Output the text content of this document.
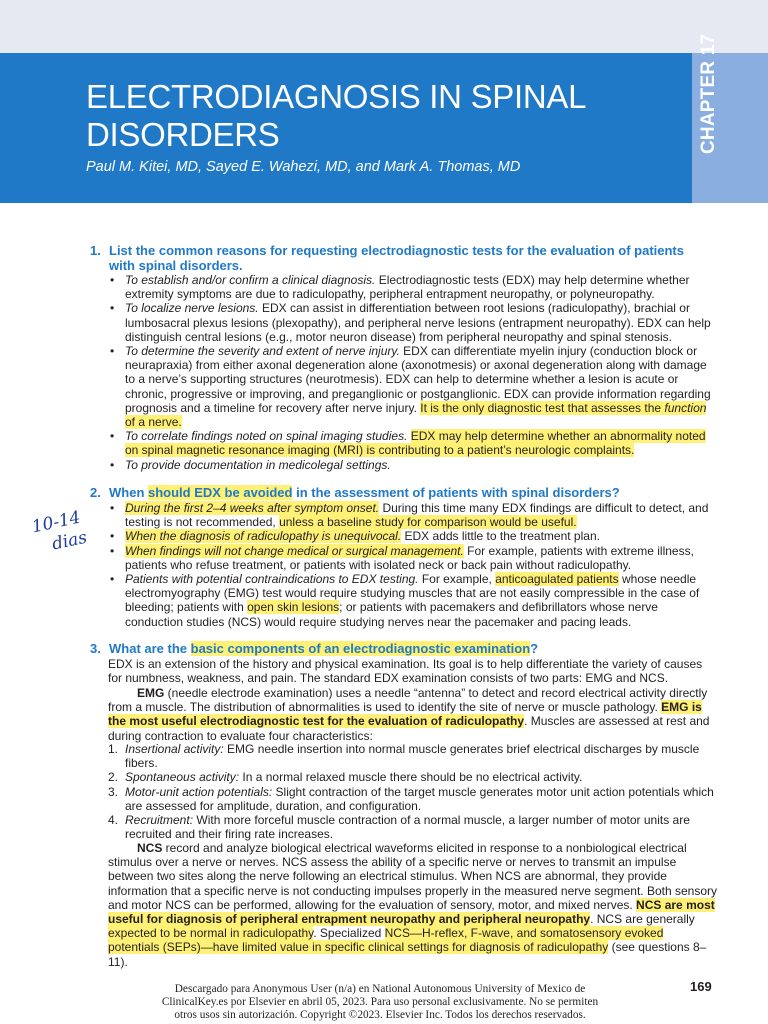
ELECTRODIAGNOSIS IN SPINAL DISORDERS
Paul M. Kitei, MD, Sayed E. Wahezi, MD, and Mark A. Thomas, MD
1. List the common reasons for requesting electrodiagnostic tests for the evaluation of patients with spinal disorders.
• To establish and/or confirm a clinical diagnosis. Electrodiagnostic tests (EDX) may help determine whether extremity symptoms are due to radiculopathy, peripheral entrapment neuropathy, or polyneuropathy.
• To localize nerve lesions. EDX can assist in differentiation between root lesions (radiculopathy), brachial or lumbosacral plexus lesions (plexopathy), and peripheral nerve lesions (entrapment neuropathy). EDX can help distinguish central lesions (e.g., motor neuron disease) from peripheral neuropathy and spinal stenosis.
• To determine the severity and extent of nerve injury. EDX can differentiate myelin injury (conduction block or neurapraxia) from either axonal degeneration alone (axonotmesis) or axonal degeneration along with damage to a nerve’s supporting structures (neurotmesis). EDX can help to determine whether a lesion is acute or chronic, progressive or improving, and preganglionic or postganglionic. EDX can provide information regarding prognosis and a timeline for recovery after nerve injury. It is the only diagnostic test that assesses the function of a nerve.
• To correlate findings noted on spinal imaging studies. EDX may help determine whether an abnormality noted on spinal magnetic resonance imaging (MRI) is contributing to a patient’s neurologic complaints.
• To provide documentation in medicolegal settings.
2. When should EDX be avoided in the assessment of patients with spinal disorders?
• During the first 2–4 weeks after symptom onset. During this time many EDX findings are difficult to detect, and testing is not recommended, unless a baseline study for comparison would be useful.
• When the diagnosis of radiculopathy is unequivocal. EDX adds little to the treatment plan.
• When findings will not change medical or surgical management. For example, patients with extreme illness, patients who refuse treatment, or patients with isolated neck or back pain without radiculopathy.
• Patients with potential contraindications to EDX testing. For example, anticoagulated patients whose needle electromyography (EMG) test would require studying muscles that are not easily compressible in the case of bleeding; patients with open skin lesions; or patients with pacemakers and defibrillators whose nerve conduction studies (NCS) would require studying nerves near the pacemaker and pacing leads.
3. What are the basic components of an electrodiagnostic examination?

EDX is an extension of the history and physical examination. Its goal is to help differentiate the variety of causes for numbness, weakness, and pain. The standard EDX examination consists of two parts: EMG and NCS.

EMG (needle electrode examination) uses a needle “antenna” to detect and record electrical activity directly from a muscle. The distribution of abnormalities is used to identify the site of nerve or muscle pathology. EMG is the most useful electrodiagnostic test for the evaluation of radiculopathy. Muscles are assessed at rest and during contraction to evaluate four characteristics:

1. Insertional activity: EMG needle insertion into normal muscle generates brief electrical discharges by muscle fibers.
2. Spontaneous activity: In a normal relaxed muscle there should be no electrical activity.
3. Motor-unit action potentials: Slight contraction of the target muscle generates motor unit action potentials which are assessed for amplitude, duration, and configuration.
4. Recruitment: With more forceful muscle contraction of a normal muscle, a larger number of motor units are recruited and their firing rate increases.

NCS record and analyze biological electrical waveforms elicited in response to a nonbiological electrical stimulus over a nerve or nerves. NCS assess the ability of a specific nerve or nerves to transmit an impulse between two sites along the nerve following an electrical stimulus. When NCS are abnormal, they provide information that a specific nerve is not conducting impulses properly in the measured nerve segment. Both sensory and motor NCS can be performed, allowing for the evaluation of sensory, motor, and mixed nerves. NCS are most useful for diagnosis of peripheral entrapment neuropathy and peripheral neuropathy. NCS are generally expected to be normal in radiculopathy. Specialized NCS—H-reflex, F-wave, and somatosensory evoked potentials (SEPs)—have limited value in specific clinical settings for diagnosis of radiculopathy (see questions 8–11).

10-14
dias
169
Descargado para Anonymous User (n/a) en National Autonomous University of Mexico de
ClinicalKey.es por Elsevier en abril 05, 2023. Para uso personal exclusivamente. No se permiten
otros usos sin autorización. Copyright ©2023. Elsevier Inc. Todos los derechos reservados.
